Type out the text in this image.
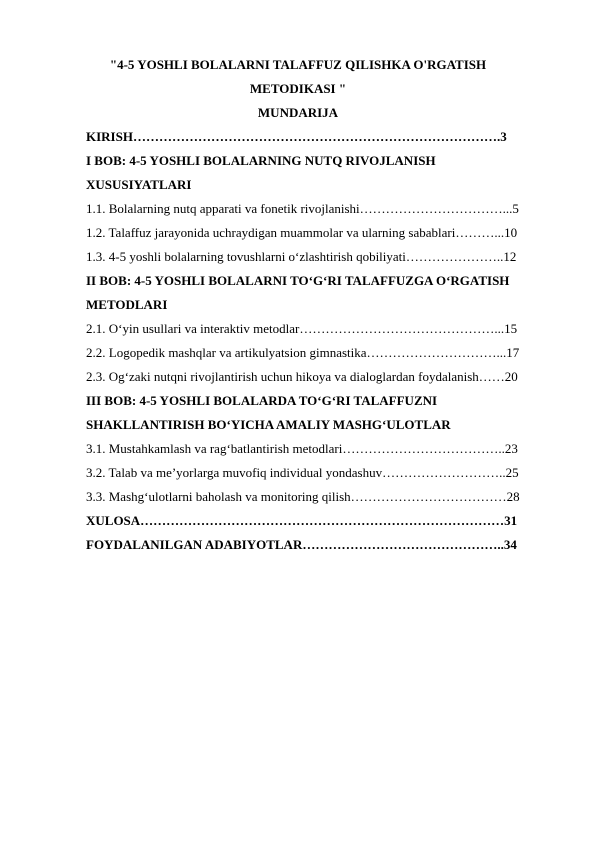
"4-5 YOSHLI BOLALARNI TALAFFUZ QILISHKA O'RGATISH
METODIKASI "
MUNDARIJA
KIRISH………………………………………………………………………….3
I BOB: 4-5 YOSHLI BOLALARNING NUTQ RIVOJLANISH
XUSUSIYATLARI
1.1. Bolalarning nutq apparati va fonetik rivojlanishi……………………………...5
1.2. Talaffuz jarayonida uchraydigan muammolar va ularning sabablari………...10
1.3. 4-5 yoshli bolalarning tovushlarni o‘zlashtirish qobiliyati…………………..12
II BOB: 4-5 YOSHLI BOLALARNI TO‘G‘RI TALAFFUZGA O‘RGATISH
METODLARI
2.1. O‘yin usullari va interaktiv metodlar………………………………………...15
2.2. Logopedik mashqlar va artikulyatsion gimnastika…………………………...17
2.3. Og‘zaki nutqni rivojlantirish uchun hikoya va dialoglardan foydalanish……20
III BOB: 4-5 YOSHLI BOLALARDA TO‘G‘RI TALAFFUZNI
SHAKLLANTIRISH BO‘YICHA AMALIY MASHG‘ULOTLAR
3.1. Mustahkamlash va rag‘batlantirish metodlari………………………………..23
3.2. Talab va me’yorlarga muvofiq individual yondashuv………………………..25
3.3. Mashg‘ulotlarni baholash va monitoring qilish………………………………28
XULOSA…………………………………………………………………………31
FOYDALANILGAN ADABIYOTLAR………………………………………..34
